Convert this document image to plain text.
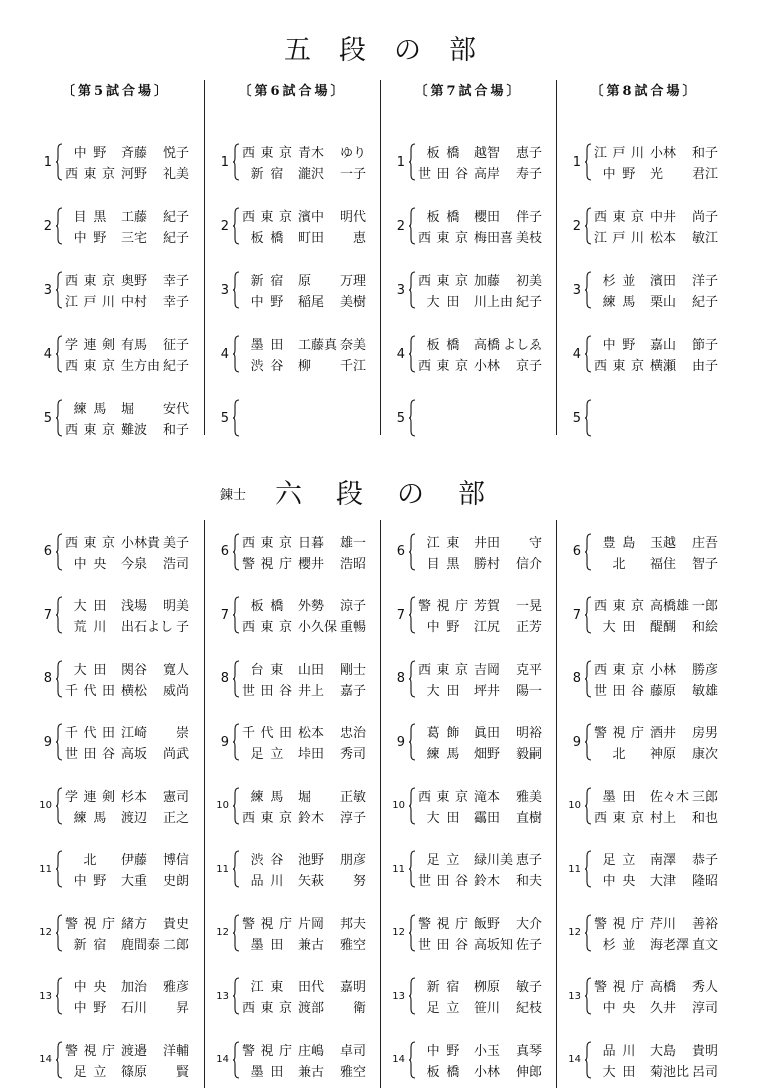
五段の部
〔第5試合場〕
1
中 野 斉藤 悦子
西 東 京 河野 礼美
2
目 黒 工藤 紀子
中 野 三宅 紀子
3
西 東 京 奥野 幸子
江 戸 川 中村 幸子
4
学 連 剣 有馬 征子
西 東 京 生方由 紀子
5
練 馬 堀 安代
西 東 京 難波 和子
〔第6試合場〕
1
西 東 京 青木 ゆり
新 宿 瀧沢 一子
2
西 東 京 濱中 明代
板 橋 町田 恵
3
新 宿 原 万理
中 野 稲尾 美樹
4
墨 田 工藤真 奈美
渋 谷 柳 千江
5
〔第7試合場〕
1
板 橋 越智 恵子
世 田 谷 高岸 寿子
2
板 橋 櫻田 伴子
西 東 京 梅田喜 美枝
3
西 東 京 加藤 初美
大 田 川上由 紀子
4
板 橋 高橋 よしゑ
西 東 京 小林 京子
5
〔第8試合場〕
1
江 戸 川 小林 和子
中 野 光 君江
2
西 東 京 中井 尚子
江 戸 川 松本 敏江
3
杉 並 濱田 洋子
練 馬 栗山 紀子
4
中 野 嘉山 節子
西 東 京 横瀬 由子
5
錬士	六段の部
6
西 東 京 小林貴 美子
中 央 今泉 浩司
7
大 田 浅場 明美
荒 川 出石よし 子
8
大 田 関谷 寛人
千 代 田 横松 威尚
9
千 代 田 江崎 崇
世 田 谷 高坂 尚武
10
学 連 剣 杉本 憲司
練 馬 渡辺 正之
11
北	伊藤 博信
中 野 大重 史朗
12
警 視 庁 緒方 貴史
新 宿 鹿間泰 二郎
13
中 央 加治 雅彦
中 野 石川 昇
14
警 視 庁 渡邉 洋輔
足 立 篠原 賢
6
西 東 京 日暮 雄一
警 視 庁 櫻井 浩昭
7
板 橋 外勢 涼子
西 東 京 小久保 重暢
8
台 東 山田 剛士
世 田 谷 井上 嘉子
9
千 代 田 松本 忠治
足 立 垰田 秀司
10
練 馬 堀 正敏
西 東 京 鈴木 淳子
11
渋 谷 池野 朋彦
品 川 矢萩 努
12
警 視 庁 片岡 邦夫
墨 田 兼古 雅空
13
江 東 田代 嘉明
西 東 京 渡部 衛
14
警 視 庁 庄嶋 卓司
墨 田 兼古 雅空
6
江 東 井田 守
目 黒 勝村 信介
7
警 視 庁 芳賀 一晃
中 野 江尻 正芳
8
西 東 京 吉岡 克平
大 田 坪井 陽一
9
葛 飾 眞田 明裕
練 馬 畑野 毅嗣
10
西 東 京 滝本 雅美
大 田 靍田 直樹
11
足 立 緑川美 恵子
世 田 谷 鈴木 和夫
12
警 視 庁 飯野 大介
世 田 谷 高坂知 佐子
13
新 宿 栁原 敏子
足 立 笹川 紀枝
14
中 野 小玉 真琴
板 橋 小林 伸郎
6
豊 島 玉越 庄吾
北	福住 智子
7
西 東 京 高橋雄 一郎
大 田 醍醐 和絵
8
西 東 京 小林 勝彦
世 田 谷 藤原 敏雄
9
警 視 庁 酒井 房男
北	神原 康次
10
墨 田 佐々木 三郎
西 東 京 村上 和也
11
足 立 南澤 恭子
中 央 大津 隆昭
12
警 視 庁 芹川 善裕
杉 並 海老澤 直文
13
警 視 庁 高橋 秀人
中 央 久井 淳司
14
品 川 大島 貴明
大 田 菊池比 呂司
